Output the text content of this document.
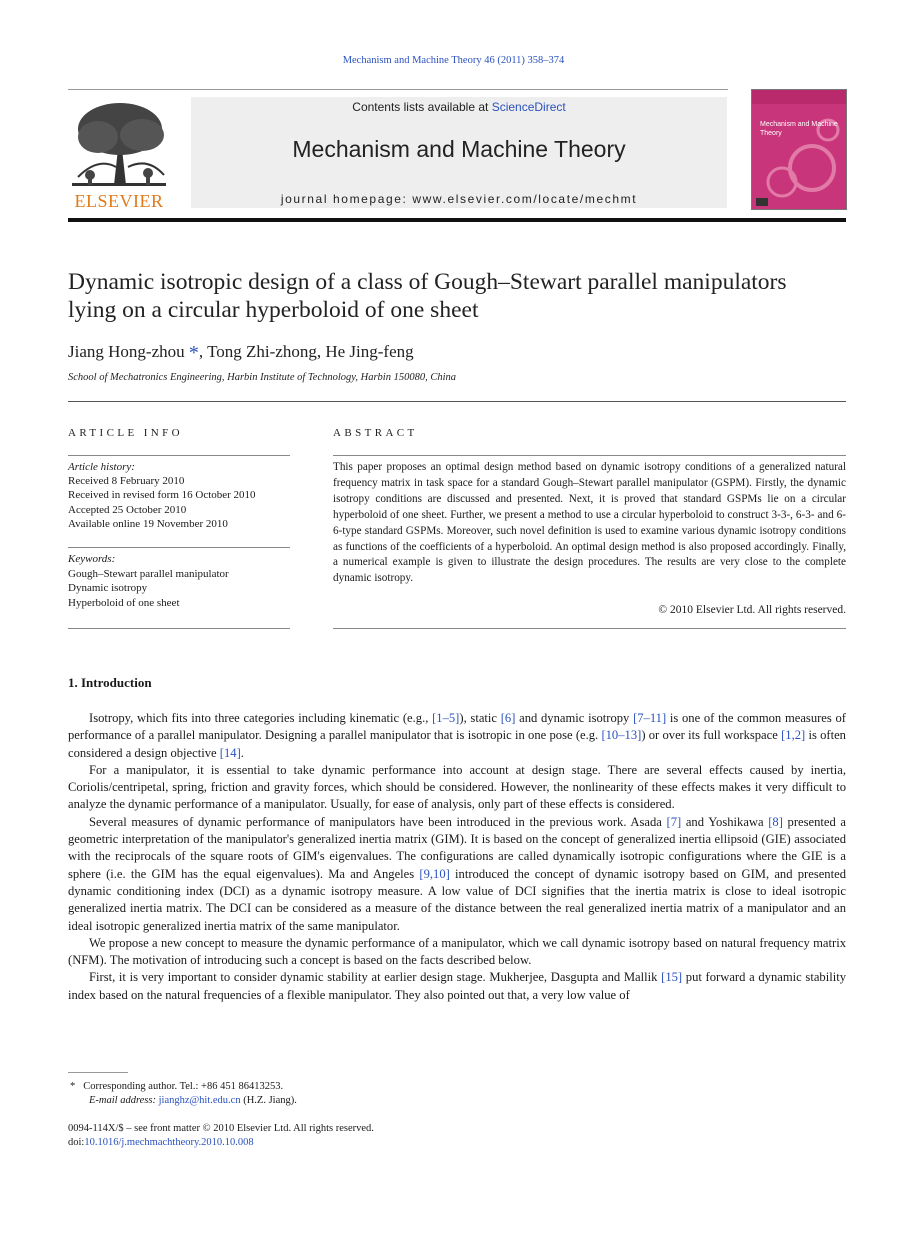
Mechanism and Machine Theory 46 (2011) 358–374
ELSEVIER
Contents lists available at ScienceDirect
Mechanism and Machine Theory
journal homepage: www.elsevier.com/locate/mechmt
Mechanism and Machine Theory
Dynamic isotropic design of a class of Gough–Stewart parallel manipulators
lying on a circular hyperboloid of one sheet
Jiang Hong-zhou *, Tong Zhi-zhong, He Jing-feng
School of Mechatronics Engineering, Harbin Institute of Technology, Harbin 150080, China
ARTICLE INFO	ABSTRACT
Article history:
Received 8 February 2010
Received in revised form 16 October 2010
Accepted 25 October 2010
Available online 19 November 2010
Keywords:
Gough–Stewart parallel manipulator
Dynamic isotropy
Hyperboloid of one sheet
This paper proposes an optimal design method based on dynamic isotropy conditions of a generalized natural frequency matrix in task space for a standard Gough–Stewart parallel manipulator (GSPM). Firstly, the dynamic isotropy conditions are discussed and presented. Next, it is proved that standard GSPMs lie on a circular hyperboloid of one sheet. Further, we present a method to use a circular hyperboloid to construct 3-3-, 6-3- and 6-6-type standard GSPMs. Moreover, such novel definition is used to examine various dynamic isotropy conditions as functions of the coefficients of a hyperboloid. An optimal design method is also proposed accordingly. Finally, a numerical example is given to illustrate the design procedures. The results are very close to the complete dynamic isotropy.
© 2010 Elsevier Ltd. All rights reserved.
1. Introduction

Isotropy, which fits into three categories including kinematic (e.g., [1–5]), static [6] and dynamic isotropy [7–11] is one of the common measures of performance of a parallel manipulator. Designing a parallel manipulator that is isotropic in one pose (e.g. [10–13]) or over its full workspace [1,2] is often considered a design objective [14].

For a manipulator, it is essential to take dynamic performance into account at design stage. There are several effects caused by inertia, Coriolis/centripetal, spring, friction and gravity forces, which should be considered. However, the nonlinearity of these effects makes it very difficult to analyze the dynamic performance of a manipulator. Usually, for ease of analysis, only part of these effects is considered.

Several measures of dynamic performance of manipulators have been introduced in the previous work. Asada [7] and Yoshikawa [8] presented a geometric interpretation of the manipulator's generalized inertia matrix (GIM). It is based on the concept of generalized inertia ellipsoid (GIE) associated with the reciprocals of the square roots of GIM's eigenvalues. The configurations are called dynamically isotropic configurations where the GIE is a sphere (i.e. the GIM has the equal eigenvalues). Ma and Angeles [9,10] introduced the concept of dynamic isotropy based on GIM, and presented dynamic conditioning index (DCI) as a dynamic isotropy measure. A low value of DCI signifies that the inertia matrix is close to ideal isotropic generalized inertia matrix. The DCI can be considered as a measure of the distance between the real generalized inertia matrix of a manipulator and an ideal isotropic generalized inertia matrix of the same manipulator.

We propose a new concept to measure the dynamic performance of a manipulator, which we call dynamic isotropy based on natural frequency matrix (NFM). The motivation of introducing such a concept is based on the facts described below.

First, it is very important to consider dynamic stability at earlier design stage. Mukherjee, Dasgupta and Mallik [15] put forward a dynamic stability index based on the natural frequencies of a flexible manipulator. They also pointed out that, a very low value of

* Corresponding author. Tel.: +86 451 86413253.
E-mail address: jianghz@hit.edu.cn (H.Z. Jiang).
0094-114X/$ – see front matter © 2010 Elsevier Ltd. All rights reserved.
doi:10.1016/j.mechmachtheory.2010.10.008
